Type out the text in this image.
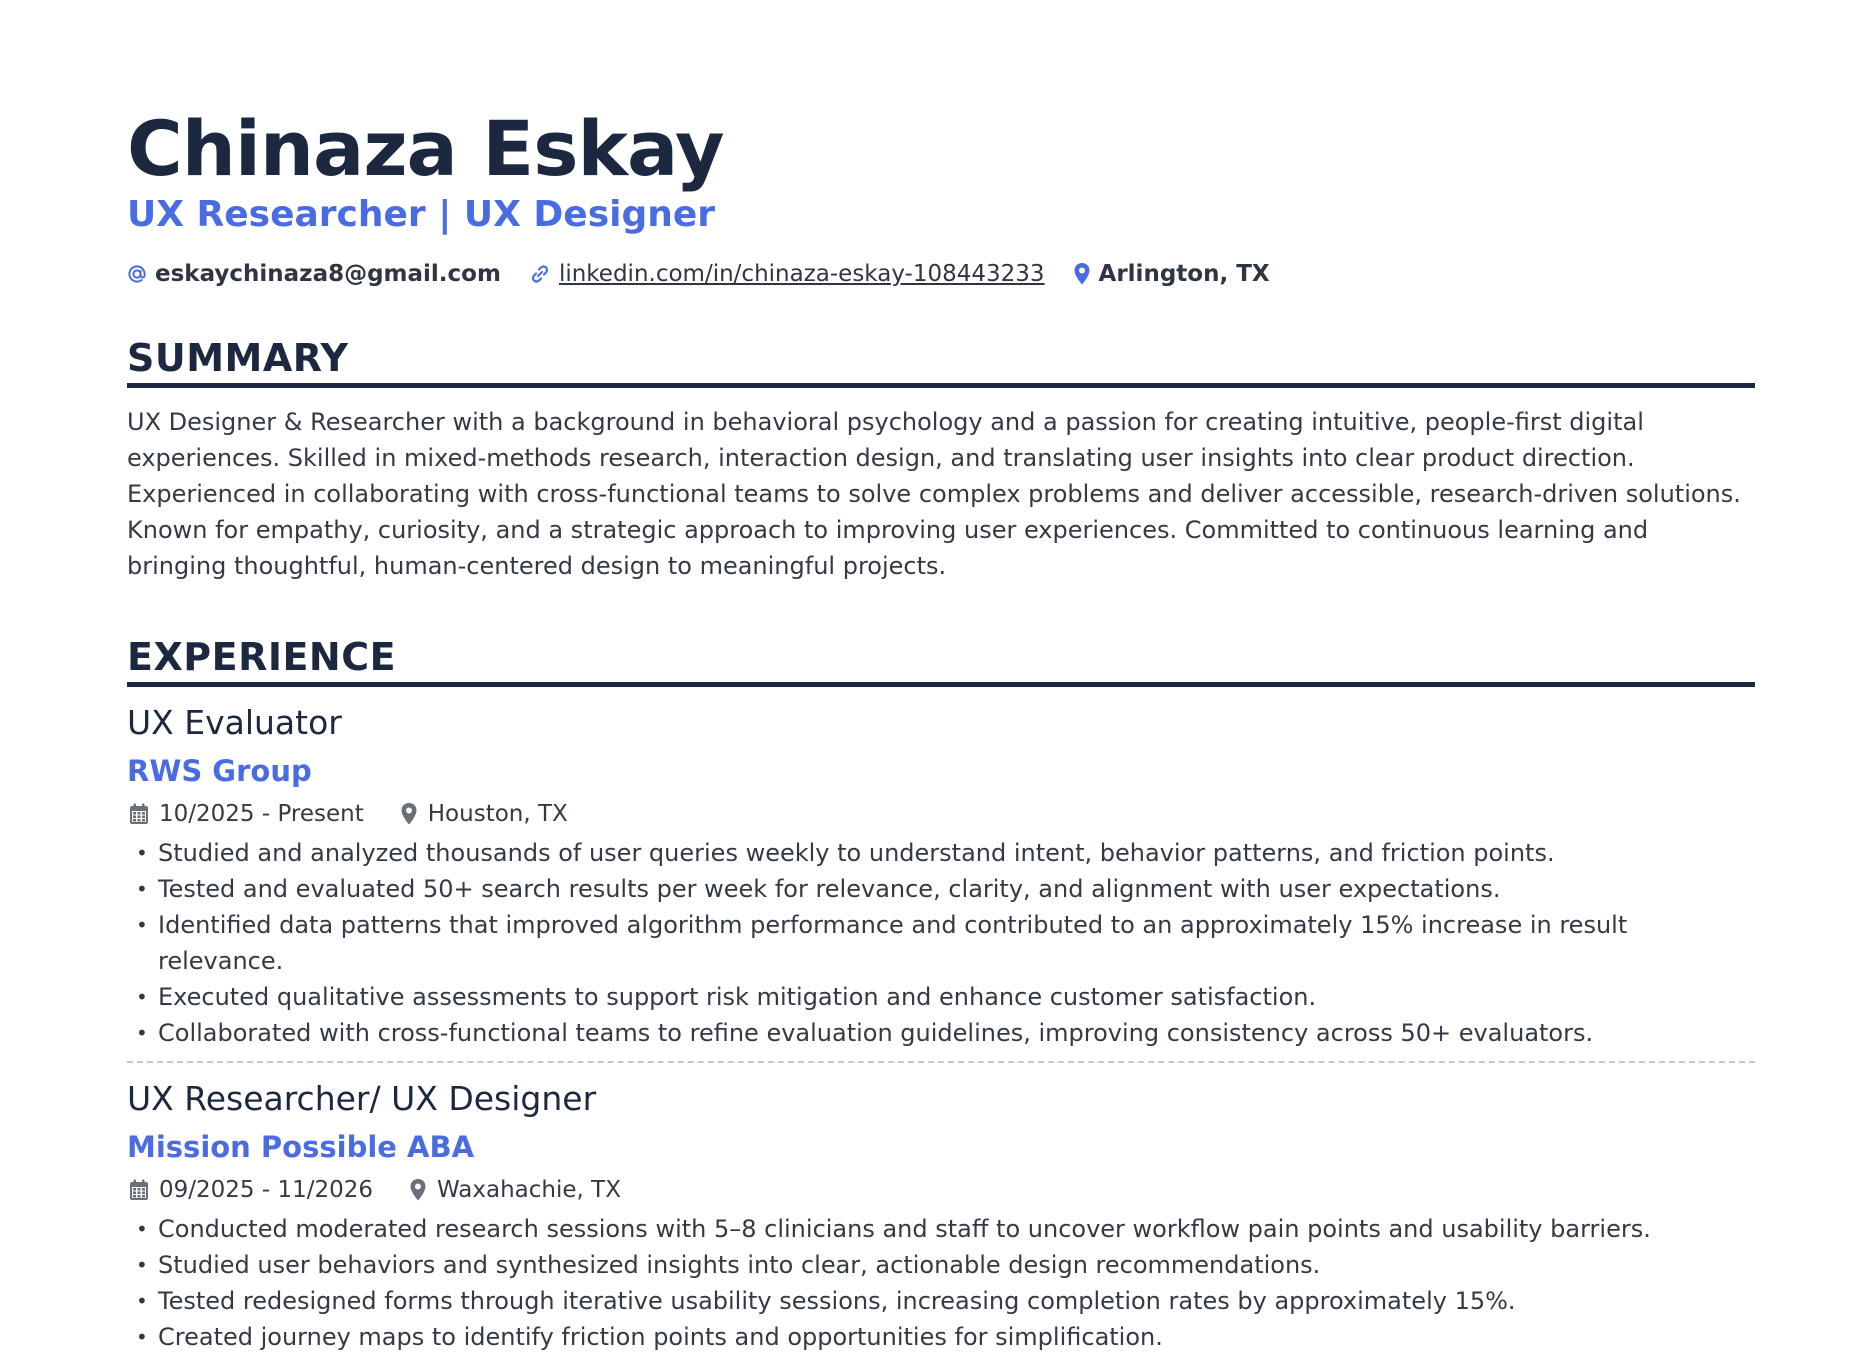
Chinaza Eskay
UX Researcher | UX Designer
eskaychinaza8@gmail.com	linkedin.com/in/chinaza-eskay-108443233 Arlington, TX
SUMMARY
UX Designer & Researcher with a background in behavioral psychology and a passion for creating intuitive, people-first digital
experiences. Skilled in mixed-methods research, interaction design, and translating user insights into clear product direction.
Experienced in collaborating with cross-functional teams to solve complex problems and deliver accessible, research-driven solutions.
Known for empathy, curiosity, and a strategic approach to improving user experiences. Committed to continuous learning and
bringing thoughtful, human-centered design to meaningful projects.
EXPERIENCE
UX Evaluator
RWS Group
10/2025 - Present	Houston, TX
• Studied and analyzed thousands of user queries weekly to understand intent, behavior patterns, and friction points.
• Tested and evaluated 50+ search results per week for relevance, clarity, and alignment with user expectations.
• Identified data patterns that improved algorithm performance and contributed to an approximately 15% increase in result
relevance.
• Executed qualitative assessments to support risk mitigation and enhance customer satisfaction.
• Collaborated with cross-functional teams to refine evaluation guidelines, improving consistency across 50+ evaluators.
UX Researcher/ UX Designer
Mission Possible ABA
09/2025 - 11/2026	Waxahachie, TX
• Conducted moderated research sessions with 5–8 clinicians and staff to uncover workflow pain points and usability barriers.
• Studied user behaviors and synthesized insights into clear, actionable design recommendations.
• Tested redesigned forms through iterative usability sessions, increasing completion rates by approximately 15%.
• Created journey maps to identify friction points and opportunities for simplification.
